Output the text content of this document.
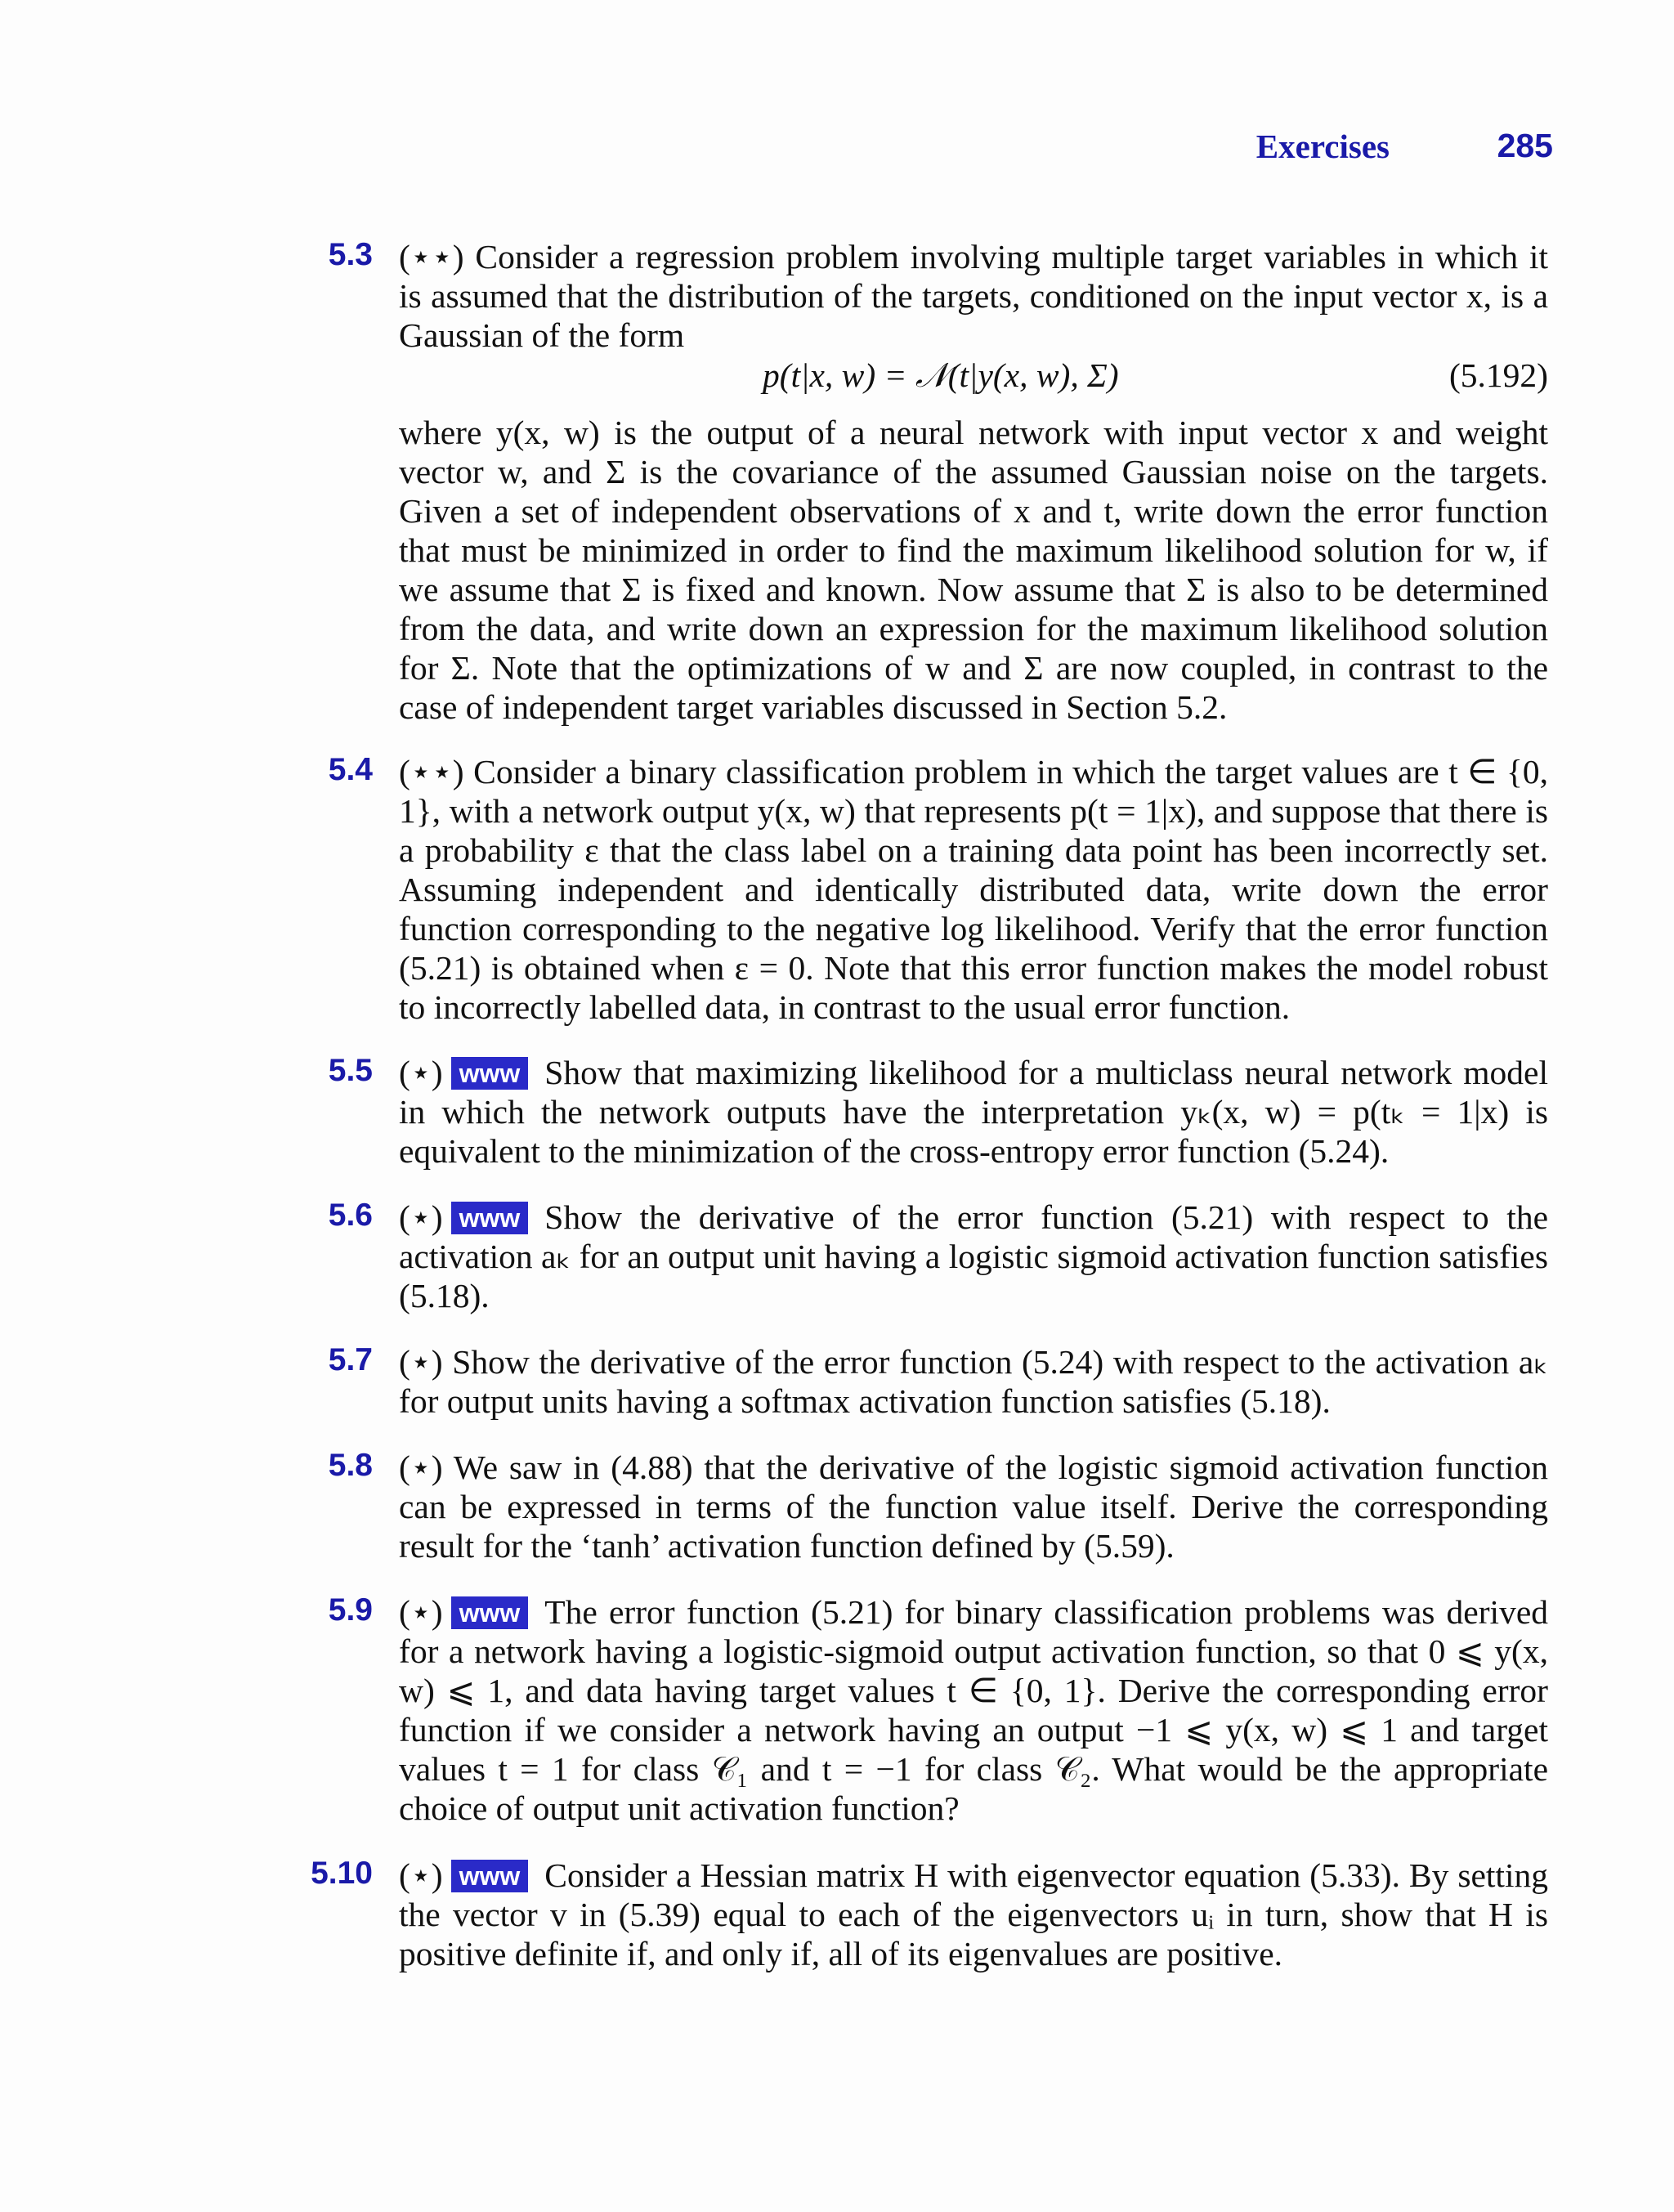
Exercises	285
5.3 (⋆⋆) Consider a regression problem involving multiple target variables in which it is assumed that the distribution of the targets, conditioned on the input vector x, is a Gaussian of the form
p(t|x, w) = 𝒩(t|y(x, w), Σ)	(5.192)
where y(x, w) is the output of a neural network with input vector x and weight vector w, and Σ is the covariance of the assumed Gaussian noise on the targets. Given a set of independent observations of x and t, write down the error function that must be minimized in order to find the maximum likelihood solution for w, if we assume that Σ is fixed and known. Now assume that Σ is also to be determined from the data, and write down an expression for the maximum likelihood solution for Σ. Note that the optimizations of w and Σ are now coupled, in contrast to the case of independent target variables discussed in Section 5.2.
5.4 (⋆⋆) Consider a binary classification problem in which the target values are t ∈ {0, 1}, with a network output y(x, w) that represents p(t = 1|x), and suppose that there is a probability ε that the class label on a training data point has been incorrectly set. Assuming independent and identically distributed data, write down the error function corresponding to the negative log likelihood. Verify that the error function (5.21) is obtained when ε = 0. Note that this error function makes the model robust to incorrectly labelled data, in contrast to the usual error function.
5.5 (⋆) www Show that maximizing likelihood for a multiclass neural network model in which the network outputs have the interpretation yₖ(x, w) = p(tₖ = 1|x) is equivalent to the minimization of the cross-entropy error function (5.24).
5.6 (⋆) www Show the derivative of the error function (5.21) with respect to the activation aₖ for an output unit having a logistic sigmoid activation function satisfies (5.18).
5.7 (⋆) Show the derivative of the error function (5.24) with respect to the activation aₖ for output units having a softmax activation function satisfies (5.18).
5.8 (⋆) We saw in (4.88) that the derivative of the logistic sigmoid activation function can be expressed in terms of the function value itself. Derive the corresponding result for the ‘tanh’ activation function defined by (5.59).
5.9 (⋆) www The error function (5.21) for binary classification problems was derived for a network having a logistic-sigmoid output activation function, so that 0 ⩽ y(x, w) ⩽ 1, and data having target values t ∈ {0, 1}. Derive the corresponding error function if we consider a network having an output −1 ⩽ y(x, w) ⩽ 1 and target values t = 1 for class 𝒞₁ and t = −1 for class 𝒞₂. What would be the appropriate choice of output unit activation function?
5.10 (⋆) www Consider a Hessian matrix H with eigenvector equation (5.33). By setting the vector v in (5.39) equal to each of the eigenvectors uᵢ in turn, show that H is positive definite if, and only if, all of its eigenvalues are positive.
